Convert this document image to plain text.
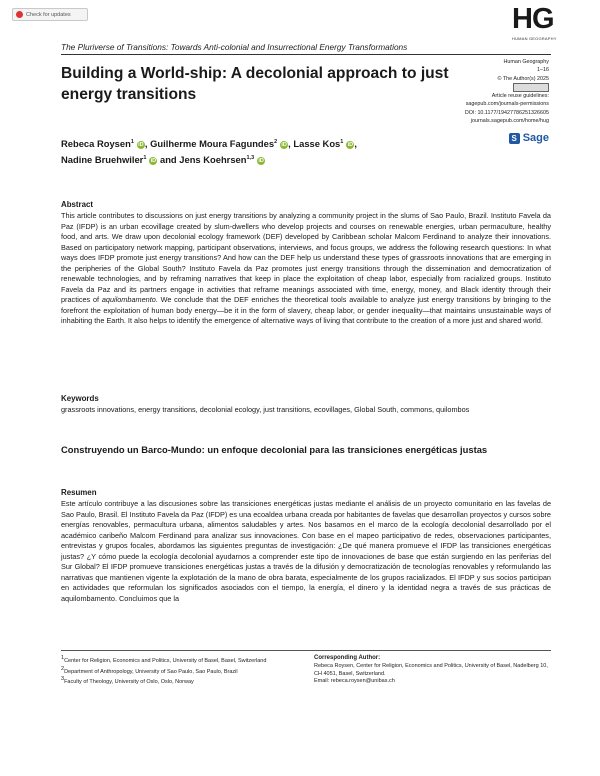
Check for updates	HG
HUMAN GEOGRAPHY
The Pluriverse of Transitions: Towards Anti-colonial and Insurrectional Energy Transformations
Building a World-ship: A decolonial approach to just energy transitions
Human Geography
1–16
© The Author(s) 2025
Article reuse guidelines:
sagepub.com/journals-permissions
DOI: 10.1177/19427786251326605
journals.sagepub.com/home/hug
S Sage
Rebeca Roysen$^1$ iD, Guilherme Moura Fagundes$^2$ iD, Lasse Kos$^1$ iD,
Nadine Bruehwiler$^1$ iD and Jens Koehrsen$^{1,3}$ iD
Abstract
This article contributes to discussions on just energy transitions by analyzing a community project in the slums of Sao Paulo, Brazil. Instituto Favela da Paz (IFDP) is an urban ecovillage created by slum-dwellers who develop projects and courses on renewable energies, urban permaculture, healthy food, and arts. We draw upon decolonial ecology framework (DEF) developed by Caribbean scholar Malcom Ferdinand to analyze their innovations. Based on participatory network mapping, participant observations, interviews, and focus groups, we address the following research questions: In what ways does IFDP promote just energy transitions? And how can the DEF help us understand these types of grassroots innovations that are emerging in the peripheries of the Global South? Instituto Favela da Paz promotes just energy transitions through the dissemination and democratization of renewable technologies, and by reframing narratives that keep in place the exploitation of cheap labor, especially from racialized groups. Instituto Favela da Paz and its partners engage in activities that reframe meanings associated with time, energy, money, and Black identity through their practices of aquilombamento. We conclude that the DEF enriches the theoretical tools available to analyze just energy transitions by bringing to the forefront the exploitation of human body energy—be it in the form of slavery, cheap labor, or gender inequality—that maintains unsustainable ways of inhabiting the Earth. It also helps to identify the emergence of alternative ways of living that contribute to the creation of a more just and shared world.
Keywords
grassroots innovations, energy transitions, decolonial ecology, just transitions, ecovillages, Global South, commons, quilombos
Construyendo un Barco-Mundo: un enfoque decolonial para las transiciones energéticas justas
Resumen
Este artículo contribuye a las discusiones sobre las transiciones energéticas justas mediante el análisis de un proyecto comunitario en las favelas de Sao Paulo, Brasil. El Instituto Favela da Paz (IFDP) es una ecoaldea urbana creada por habitantes de favelas que desarrollan proyectos y cursos sobre energías renovables, permacultura urbana, alimentos saludables y artes. Nos basamos en el marco de la ecología decolonial desarrollado por el académico caribeño Malcom Ferdinand para analizar sus innovaciones. Con base en el mapeo participativo de redes, observaciones participantes, entrevistas y grupos focales, abordamos las siguientes preguntas de investigación: ¿De qué manera promueve el IFDP las transiciones energéticas justas? ¿Y cómo puede la ecología decolonial ayudarnos a comprender este tipo de innovaciones de base que están surgiendo en las periferias del Sur Global? El IFDP promueve transiciones energéticas justas a través de la difusión y democratización de tecnologías renovables y reformulando las narrativas que mantienen vigente la explotación de la mano de obra barata, especialmente de los grupos racializados. El IFDP y sus socios participan en actividades que reformulan los significados asociados con el tiempo, la energía, el dinero y la identidad negra a través de sus prácticas de aquilombamento. Concluimos que la
$^1$Center for Religion, Economics and Politics, University of Basel, Basel, Switzerland
$^2$Department of Anthropology, University of Sao Paulo, Sao Paulo, Brazil
$^3$Faculty of Theology, University of Oslo, Oslo, Norway
Corresponding Author:
Rebeca Roysen, Center for Religion, Economics and Politics, University of Basel, Nadelberg 10, CH 4051, Basel, Switzerland.
Email: rebeca.roysen@unibas.ch
